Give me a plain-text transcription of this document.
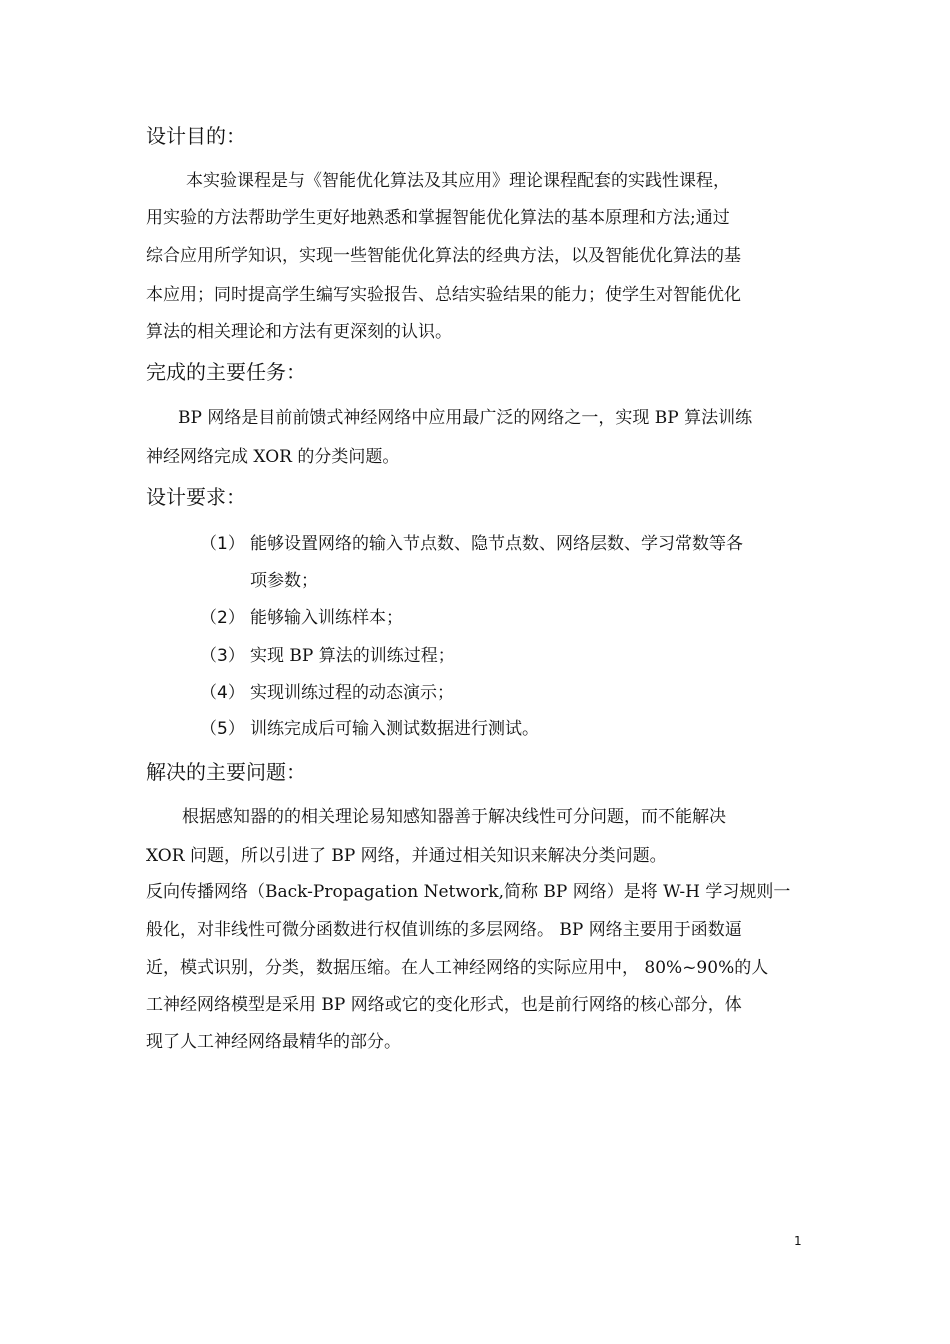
设计目的：
本实验课程是与《智能优化算法及其应用》理论课程配套的实践性课程，
用实验的方法帮助学生更好地熟悉和掌握智能优化算法的基本原理和方法;通过
综合应用所学知识，实现一些智能优化算法的经典方法，以及智能优化算法的基
本应用；同时提高学生编写实验报告、总结实验结果的能力；使学生对智能优化
算法的相关理论和方法有更深刻的认识。
完成的主要任务：
BP 网络是目前前馈式神经网络中应用最广泛的网络之一，实现 BP 算法训练
神经网络完成 XOR 的分类问题。
设计要求：
（1） 能够设置网络的输入节点数、隐节点数、网络层数、学习常数等各
项参数；
（2） 能够输入训练样本；
（3） 实现 BP 算法的训练过程；
（4） 实现训练过程的动态演示；
（5） 训练完成后可输入测试数据进行测试。
解决的主要问题：
根据感知器的的相关理论易知感知器善于解决线性可分问题，而不能解决
XOR 问题，所以引进了 BP 网络，并通过相关知识来解决分类问题。
反向传播网络（Back-Propagation Network,简称 BP 网络）是将 W-H 学习规则一
般化，对非线性可微分函数进行权值训练的多层网络。 BP 网络主要用于函数逼
近，模式识别，分类，数据压缩。在人工神经网络的实际应用中， 80%~90%的人
工神经网络模型是采用 BP 网络或它的变化形式，也是前行网络的核心部分，体
现了人工神经网络最精华的部分。
1
